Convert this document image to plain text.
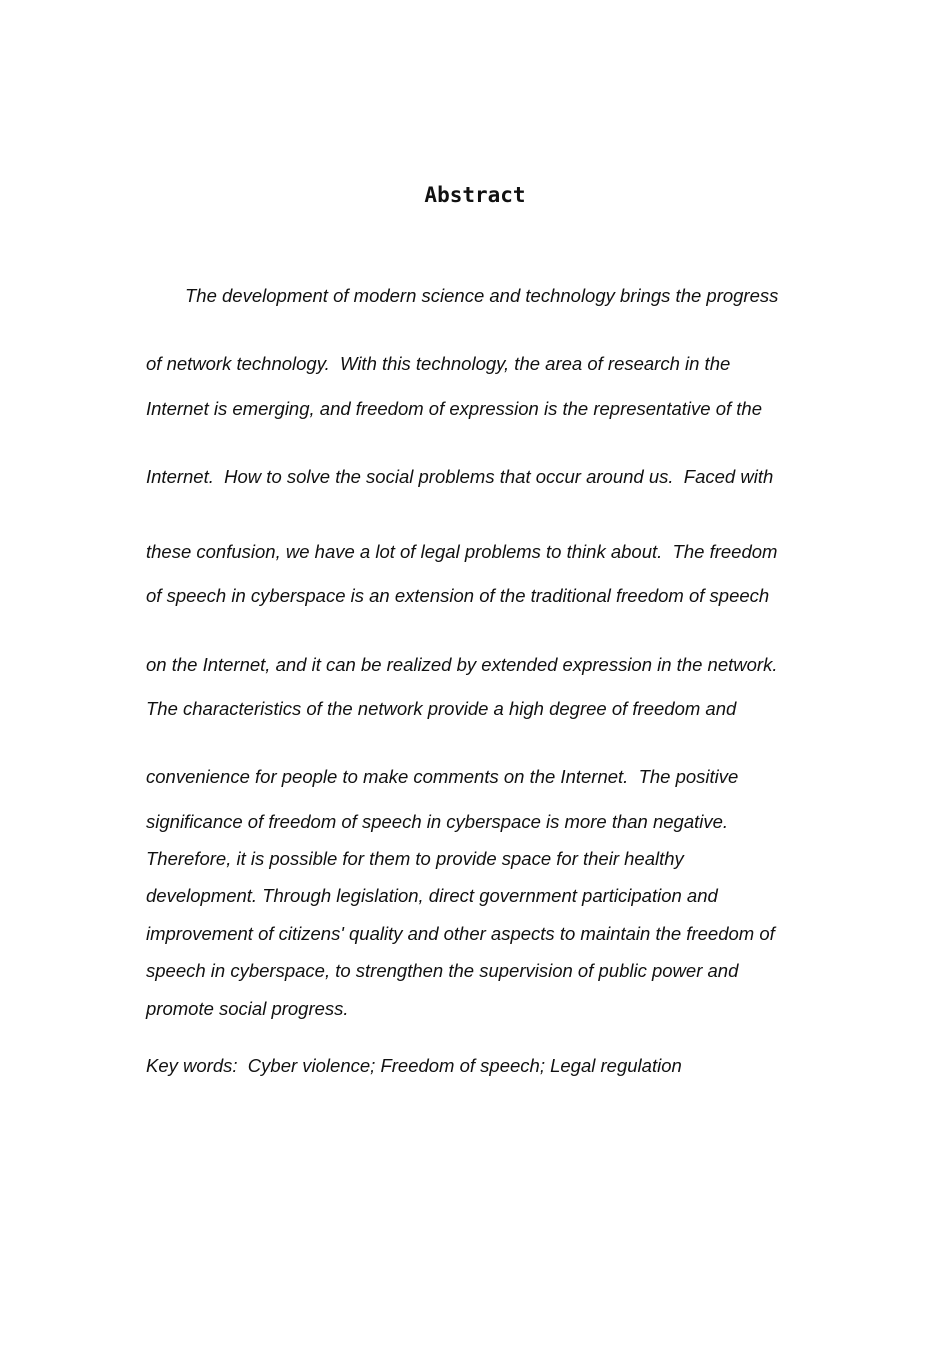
Abstract

The development of modern science and technology brings the progress

of network technology.  With this technology, the area of research in the

Internet is emerging, and freedom of expression is the representative of the

Internet.  How to solve the social problems that occur around us.  Faced with

these confusion, we have a lot of legal problems to think about.  The freedom

of speech in cyberspace is an extension of the traditional freedom of speech

on the Internet, and it can be realized by extended expression in the network.

The characteristics of the network provide a high degree of freedom and

convenience for people to make comments on the Internet.  The positive

significance of freedom of speech in cyberspace is more than negative.

Therefore, it is possible for them to provide space for their healthy

development. Through legislation, direct government participation and

improvement of citizens' quality and other aspects to maintain the freedom of

speech in cyberspace, to strengthen the supervision of public power and

promote social progress.

Key words:  Cyber violence; Freedom of speech; Legal regulation
